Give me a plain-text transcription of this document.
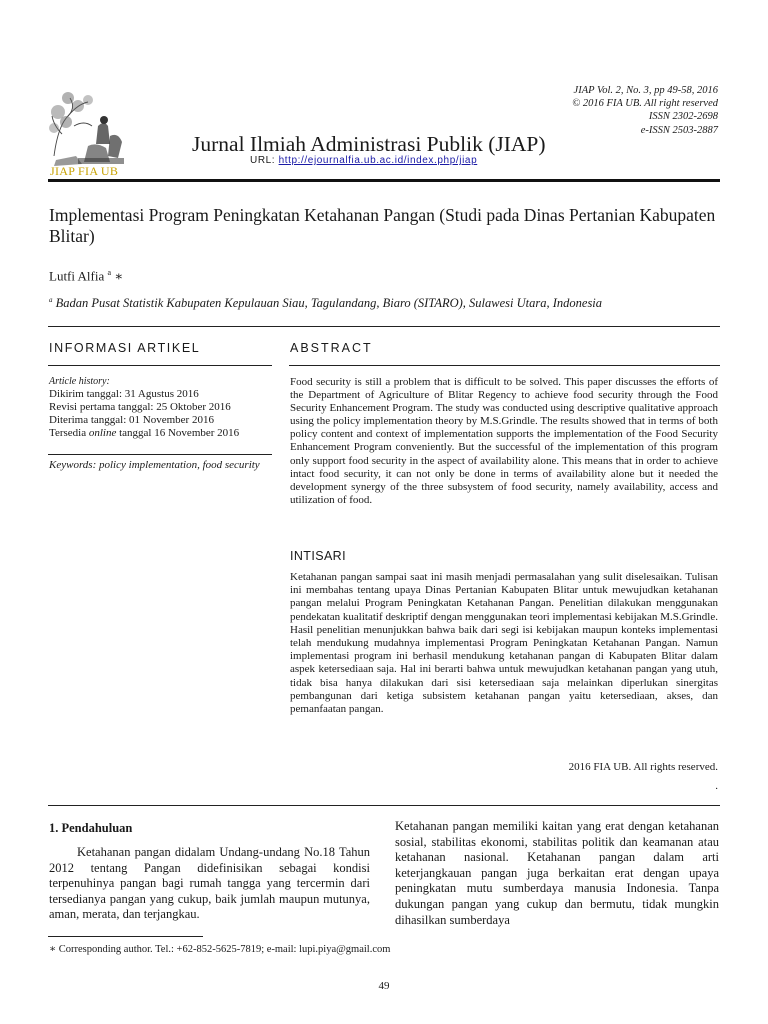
JIAP FIA UB
JIAP Vol. 2, No. 3, pp 49-58, 2016
© 2016 FIA UB. All right reserved
ISSN 2302-2698
e-ISSN 2503-2887
Jurnal Ilmiah Administrasi Publik (JIAP)
URL: http://ejournalfia.ub.ac.id/index.php/jiap
Implementasi Program Peningkatan Ketahanan Pangan (Studi pada Dinas Pertanian Kabupaten Blitar)
Lutfi Alfia $^a$ ∗
$^a$ Badan Pusat Statistik Kabupaten Kepulauan Siau, Tagulandang, Biaro (SITARO), Sulawesi Utara, Indonesia
INFORMASI ARTIKEL
Article history:
Dikirim tanggal: 31 Agustus 2016
Revisi pertama tanggal: 25 Oktober 2016
Diterima tanggal: 01 November 2016
Tersedia online tanggal 16 November 2016
Keywords: policy implementation, food security
ABSTRACT
Food security is still a problem that is difficult to be solved. This paper discusses the efforts of the Department of Agriculture of Blitar Regency to achieve food security through the Food Security Enhancement Program. The study was conducted using descriptive qualitative approach using the policy implementation theory by M.S.Grindle. The results showed that in terms of both policy content and context of implementation supports the implementation of the Food Security Enhancement Program conveniently. But the successful of the implementation of this program only support food security in the aspect of availability alone. This means that in order to achieve intact food security, it can not only be done in terms of availability alone but it needed the development synergy of the three subsystem of food security, namely availability, access and utilization of food.
INTISARI
Ketahanan pangan sampai saat ini masih menjadi permasalahan yang sulit diselesaikan. Tulisan ini membahas tentang upaya Dinas Pertanian Kabupaten Blitar untuk mewujudkan ketahanan pangan melalui Program Peningkatan Ketahanan Pangan. Penelitian dilakukan menggunakan pendekatan kualitatif deskriptif dengan menggunakan teori implementasi kebijakan M.S.Grindle. Hasil penelitian menunjukkan bahwa baik dari segi isi kebijakan maupun konteks implementasi telah mendukung mudahnya implementasi Program Peningkatan Ketahanan Pangan. Namun implementasi program ini berhasil mendukung ketahanan pangan di Kabupaten Blitar dalam aspek ketersediaan saja. Hal ini berarti bahwa untuk mewujudkan ketahanan pangan yang utuh, tidak bisa hanya dilakukan dari sisi ketersediaan saja melainkan diperlukan sinergitas pembangunan dari ketiga subsistem ketahanan pangan yaitu ketersediaan, akses, dan pemanfaatan pangan.
2016 FIA UB. All rights reserved.
.
1. Pendahuluan
Ketahanan pangan didalam Undang-undang No.18 Tahun 2012 tentang Pangan didefinisikan sebagai kondisi terpenuhinya pangan bagi rumah tangga yang tercermin dari tersedianya pangan yang cukup, baik jumlah maupun mutunya, aman, merata, dan terjangkau.
Ketahanan pangan memiliki kaitan yang erat dengan ketahanan sosial, stabilitas ekonomi, stabilitas politik dan keamanan atau ketahanan nasional. Ketahanan pangan dalam arti keterjangkauan pangan juga berkaitan erat dengan upaya peningkatan mutu sumberdaya manusia Indonesia. Tanpa dukungan pangan yang cukup dan bermutu, tidak mungkin dihasilkan sumberdaya
∗ Corresponding author. Tel.: +62-852-5625-7819; e-mail: lupi.piya@gmail.com
49
